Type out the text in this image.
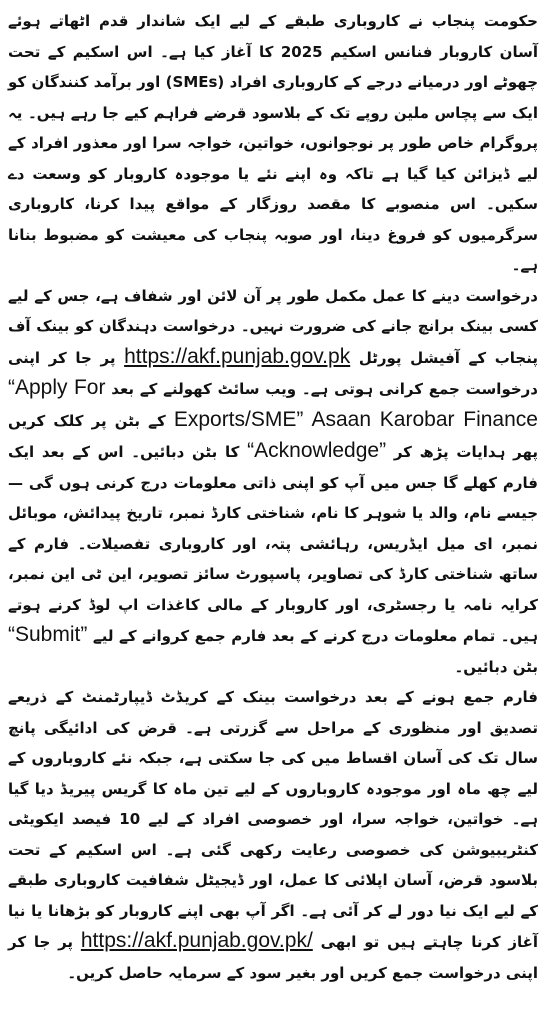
حکومت پنجاب نے کاروباری طبقے کے لیے ایک شاندار قدم اٹھاتے ہوئے آسان کاروبار فنانس اسکیم 2025 کا آغاز کیا ہے۔ اس اسکیم کے تحت چھوٹے اور درمیانے درجے کے کاروباری افراد (SMEs) اور برآمد کنندگان کو ایک سے پچاس ملین روپے تک کے بلاسود قرضے فراہم کیے جا رہے ہیں۔ یہ پروگرام خاص طور پر نوجوانوں، خواتین، خواجہ سرا اور معذور افراد کے لیے ڈیزائن کیا گیا ہے تاکہ وہ اپنے نئے یا موجودہ کاروبار کو وسعت دے سکیں۔ اس منصوبے کا مقصد روزگار کے مواقع پیدا کرنا، کاروباری سرگرمیوں کو فروغ دینا، اور صوبہ پنجاب کی معیشت کو مضبوط بنانا ہے۔

درخواست دینے کا عمل مکمل طور پر آن لائن اور شفاف ہے، جس کے لیے کسی بینک برانچ جانے کی ضرورت نہیں۔ درخواست دہندگان کو بینک آف پنجاب کے آفیشل پورٹل https://akf.punjab.gov.pk پر جا کر اپنی درخواست جمع کرانی ہوتی ہے۔ ویب سائٹ کھولنے کے بعد “Apply For Asaan Karobar Finance Exports/SME” کے بٹن پر کلک کریں پھر ہدایات پڑھ کر “Acknowledge” کا بٹن دبائیں۔ اس کے بعد ایک فارم کھلے گا جس میں آپ کو اپنی ذاتی معلومات درج کرنی ہوں گی — جیسے نام، والد یا شوہر کا نام، شناختی کارڈ نمبر، تاریخ پیدائش، موبائل نمبر، ای میل ایڈریس، رہائشی پتہ، اور کاروباری تفصیلات۔ فارم کے ساتھ شناختی کارڈ کی تصاویر، پاسپورٹ سائز تصویر، این ٹی این نمبر، کرایہ نامہ یا رجسٹری، اور کاروبار کے مالی کاغذات اپ لوڈ کرنے ہوتے ہیں۔ تمام معلومات درج کرنے کے بعد فارم جمع کروانے کے لیے “Submit” بٹن دبائیں۔

فارم جمع ہونے کے بعد درخواست بینک کے کریڈٹ ڈیپارٹمنٹ کے ذریعے تصدیق اور منظوری کے مراحل سے گزرتی ہے۔ قرض کی ادائیگی پانچ سال تک کی آسان اقساط میں کی جا سکتی ہے، جبکہ نئے کاروباروں کے لیے چھ ماہ اور موجودہ کاروباروں کے لیے تین ماہ کا گریس پیریڈ دیا گیا ہے۔ خواتین، خواجہ سرا، اور خصوصی افراد کے لیے 10 فیصد ایکویٹی کنٹریبیوشن کی خصوصی رعایت رکھی گئی ہے۔ اس اسکیم کے تحت بلاسود قرض، آسان اپلائی کا عمل، اور ڈیجیٹل شفافیت کاروباری طبقے کے لیے ایک نیا دور لے کر آئی ہے۔ اگر آپ بھی اپنے کاروبار کو بڑھانا یا نیا آغاز کرنا چاہتے ہیں تو ابھی https://akf.punjab.gov.pk/ پر جا کر اپنی درخواست جمع کریں اور بغیر سود کے سرمایہ حاصل کریں۔
